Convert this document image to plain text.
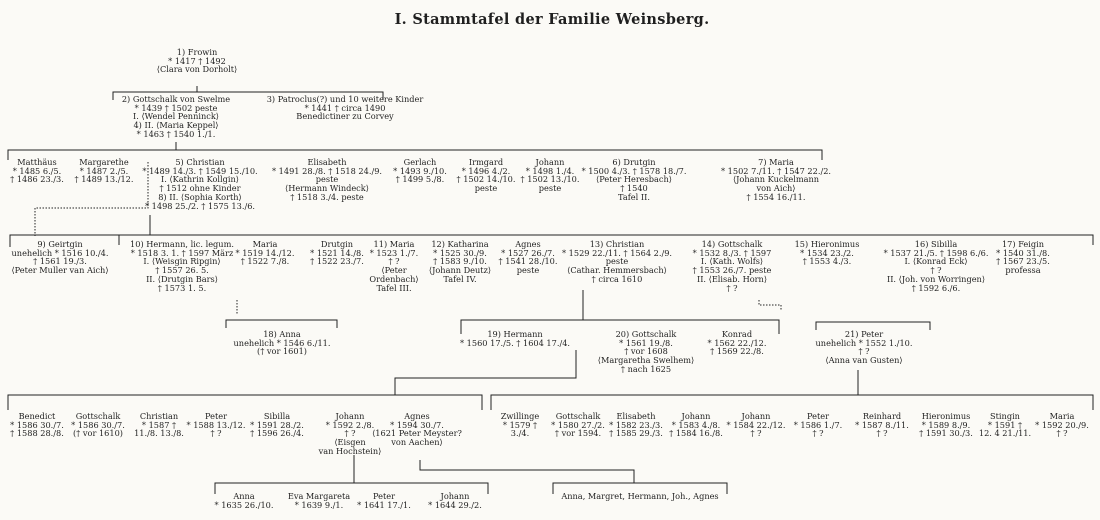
I. Stammtafel der Familie Weinsberg.
1) Frowin
* 1417 † 1492
⟨Clara von Dorholt⟩
2) Gottschalk von Swelme
* 1439 † 1502 peste
I. ⟨Wendel Penninck⟩
4) II. ⟨Maria Keppel⟩
* 1463 † 1540 1./1.
3) Patroclus(?) und 10 weitere Kinder
* 1441 † circa 1490
Benedictiner zu Corvey
Matthäus
* 1485 6./5.
† 1486 23./3.
Margarethe
* 1487 2./5.
† 1489 13./12.
5) Christian
* 1489 14./3. † 1549 15./10.
I. ⟨Kathrin Kollgin⟩
† 1512 ohne Kinder
8) II. ⟨Sophia Korth⟩
* 1498 25./2. † 1575 13./6.
Elisabeth
* 1491 28./8. † 1518 24./9.
peste
⟨Hermann Windeck⟩
† 1518 3./4. peste
Gerlach
* 1493 9./10.
† 1499 5./8.
Irmgard
* 1496 4./2.
† 1502 14./10.
peste
Johann
* 1498 1./4.
† 1502 13./10.
peste
6) Drutgin
* 1500 4./3. † 1578 18./7.
⟨Peter Heresbach⟩
† 1540
Tafel II.
7) Maria
* 1502 7./11. † 1547 22./2.
⟨Johann Kuckelmann
von Aich⟩
† 1554 16./11.
9) Geirtgin
unehelich * 1516 10./4.
† 1561 19./3.
⟨Peter Muller van Aich⟩
10) Hermann, lic. legum.
* 1518 3. 1. † 1597 März
I. ⟨Weisgin Ripgin⟩
† 1557 26. 5.
II. ⟨Drutgin Bars⟩
† 1573 1. 5.
Maria
* 1519 14./12.
† 1522 7./8.
Drutgin
* 1521 14./8.
† 1522 23./7.
11) Maria
* 1523 1./7.
† ?
⟨Peter
Ordenbach⟩
Tafel III.
12) Katharina
* 1525 30./9.
† 1583 9./10.
⟨Johann Deutz⟩
Tafel IV.
Agnes
* 1527 26./7.
† 1541 28./10.
peste
13) Christian
* 1529 22./11. † 1564 2./9.
peste
⟨Cathar. Hemmersbach⟩
† circa 1610
14) Gottschalk
* 1532 8./3. † 1597
I. ⟨Kath. Wolfs⟩
† 1553 26./7. peste
II. ⟨Elisab. Horn⟩
† ?
15) Hieronimus
* 1534 23./2.
† 1553 4./3.
16) Sibilla
* 1537 21./5. † 1598 6./6.
I. ⟨Konrad Eck⟩
† ?
II. ⟨Joh. von Worringen⟩
† 1592 6./6.
17) Feigin
* 1540 31./8.
† 1567 23./5.
professa
18) Anna
unehelich * 1546 6./11.
(† vor 1601)
19) Hermann
* 1560 17./5. † 1604 17./4.
20) Gottschalk
* 1561 19./8.
† vor 1608
⟨Margaretha Swelhem⟩
† nach 1625
Konrad
* 1562 22./12.
† 1569 22./8.
21) Peter
unehelich * 1552 1./10.
† ?
⟨Anna van Gusten⟩
Benedict
* 1586 30./7.
† 1588 28./8.
Gottschalk
* 1586 30./7.
(† vor 1610)
Christian
* 1587 †
11./8. 13./8.
Peter
* 1588 13./12.
† ?
Sibilla
* 1591 28./2.
† 1596 26./4.
Johann
* 1592 2./8.
† ?
⟨Eisgen
van Hochstein⟩
Agnes
* 1594 30./7.
⟨1621 Peter Meyster?
von Aachen⟩
Zwillinge
* 1579 †
3./4.
Gottschalk
* 1580 27./2.
† vor 1594.
Elisabeth
* 1582 23./3.
† 1585 29./3.
Johann
* 1583 4./8.
† 1584 16./8.
Johann
* 1584 22./12.
† ?
Peter
* 1586 1./7.
† ?
Reinhard
* 1587 8./11.
† ?
Hieronimus
* 1589 8./9.
† 1591 30./3.
Stingin
* 1591 †
12. 4 21./11.
Maria
* 1592 20./9.
† ?
Anna
* 1635 26./10.
Eva Margareta
* 1639 9./1.
Peter
* 1641 17./1.
Johann
* 1644 29./2.
Anna, Margret, Hermann, Joh., Agnes
